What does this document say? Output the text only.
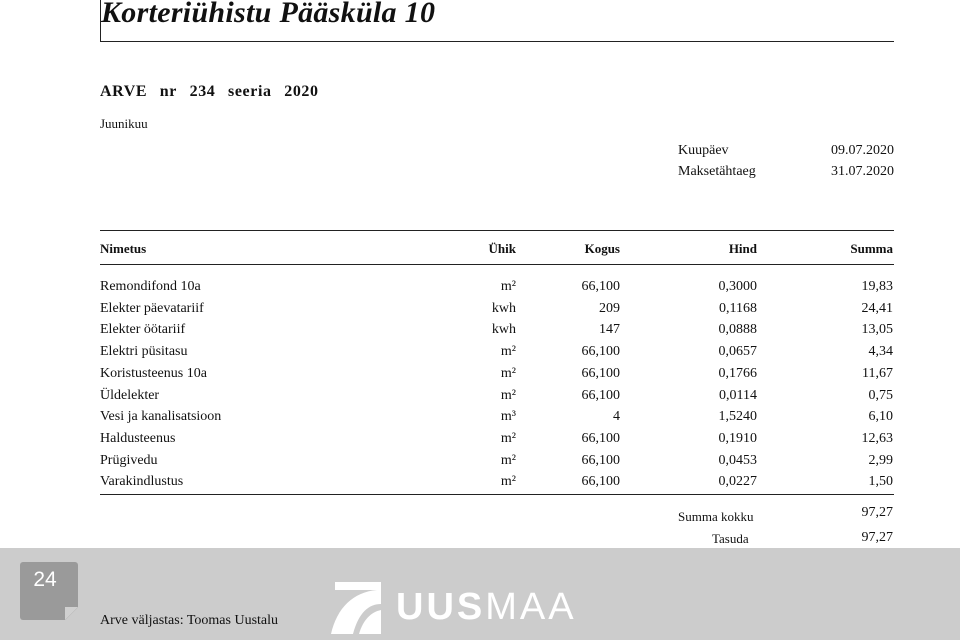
Korteriühistu Pääsküla 10
ARVE nr 234 seeria 2020
Juunikuu
Kuupäev	09.07.2020
Maksetähtaeg	31.07.2020
Nimetus	Ühik	Kogus	Hind	Summa
Remondifond 10a	m²	66,100	0,3000	19,83
Elekter päevatariif	kwh	209	0,1168	24,41
Elekter öötariif	kwh	147	0,0888	13,05
Elektri püsitasu	m²	66,100	0,0657	4,34
Koristusteenus 10a	m²	66,100	0,1766	11,67
Üldelekter	m²	66,100	0,0114	0,75
Vesi ja kanalisatsioon	m³	4	1,5240	6,10
Haldusteenus	m²	66,100	0,1910	12,63
Prügivedu	m²	66,100	0,0453	2,99
Varakindlustus	m²	66,100	0,0227	1,50
Summa kokku	97,27
Tasuda	97,27
Arve väljastas: Toomas Uustalu
24
UUSMAA
